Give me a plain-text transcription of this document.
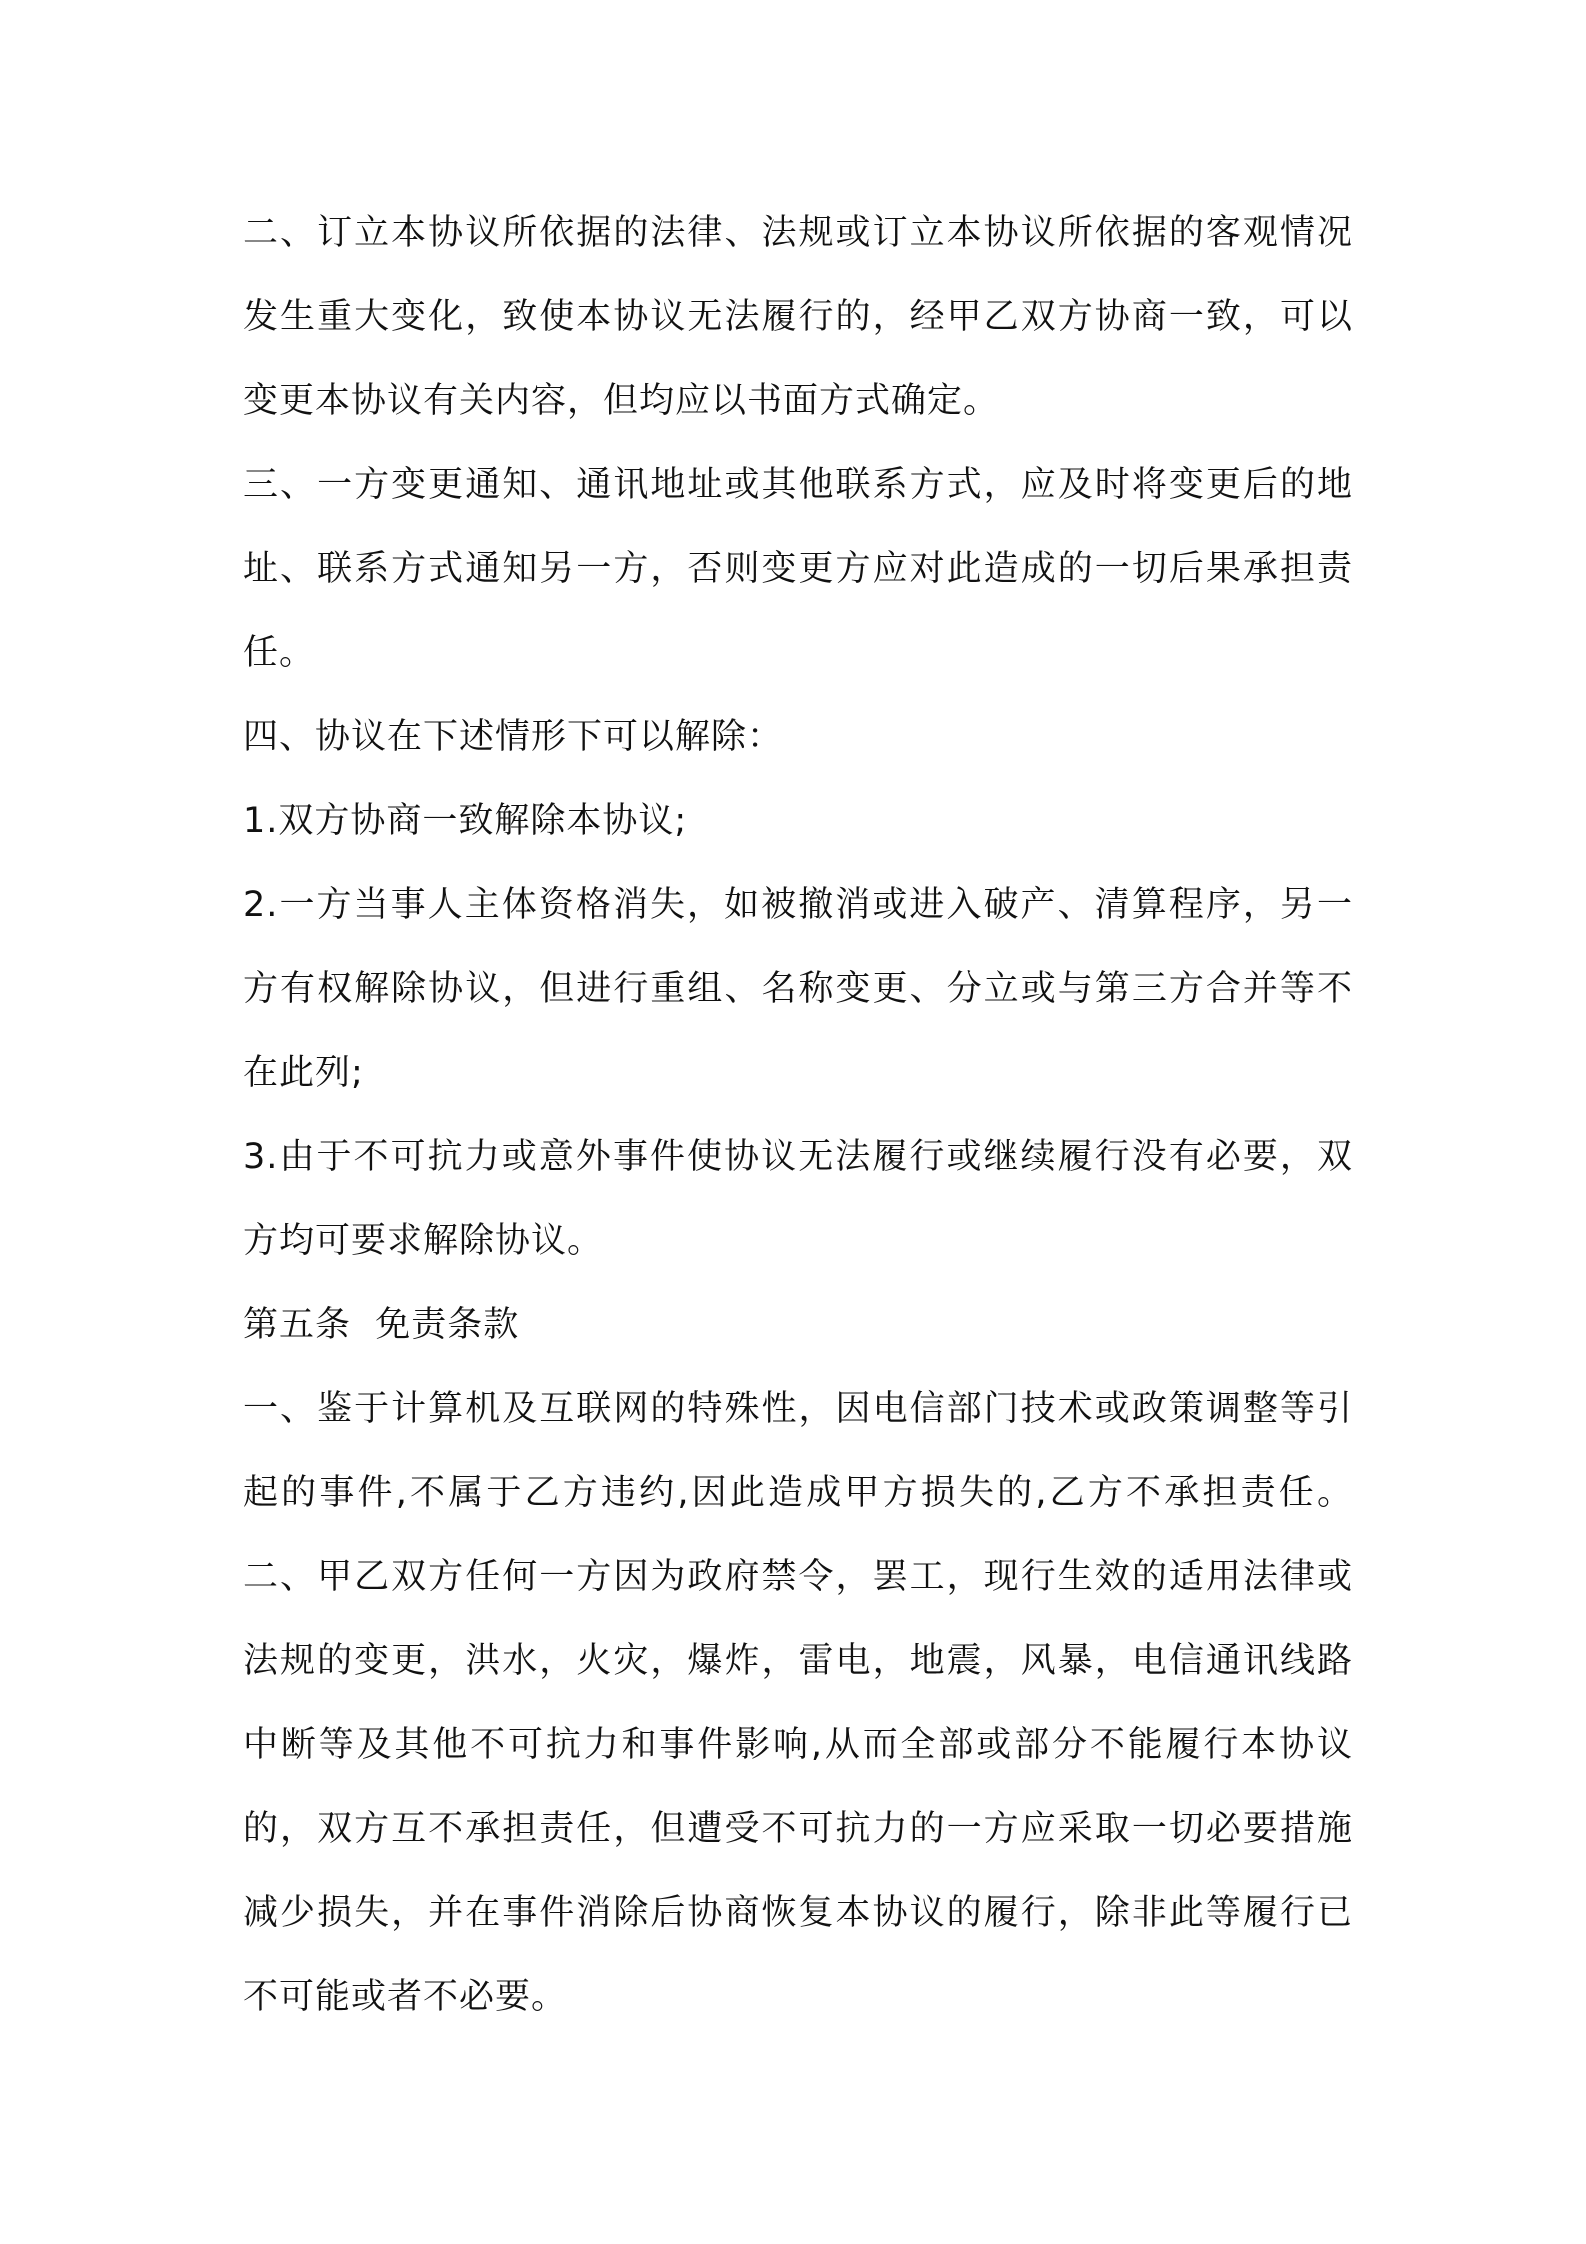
二、订立本协议所依据的法律、法规或订立本协议所依据的客观情况

发生重大变化，致使本协议无法履行的，经甲乙双方协商一致，可以

变更本协议有关内容，但均应以书面方式确定。

三、一方变更通知、通讯地址或其他联系方式，应及时将变更后的地

址、联系方式通知另一方，否则变更方应对此造成的一切后果承担责

任。

四、协议在下述情形下可以解除：

1.双方协商一致解除本协议;

2.一方当事人主体资格消失，如被撤消或进入破产、清算程序，另一

方有权解除协议，但进行重组、名称变更、分立或与第三方合并等不

在此列;

3.由于不可抗力或意外事件使协议无法履行或继续履行没有必要，双

方均可要求解除协议。

第五条  免责条款

一、鉴于计算机及互联网的特殊性，因电信部门技术或政策调整等引

起的事件,不属于乙方违约,因此造成甲方损失的,乙方不承担责任。

二、甲乙双方任何一方因为政府禁令，罢工，现行生效的适用法律或

法规的变更，洪水，火灾，爆炸，雷电，地震，风暴，电信通讯线路

中断等及其他不可抗力和事件影响,从而全部或部分不能履行本协议

的，双方互不承担责任，但遭受不可抗力的一方应采取一切必要措施

减少损失，并在事件消除后协商恢复本协议的履行，除非此等履行已

不可能或者不必要。
